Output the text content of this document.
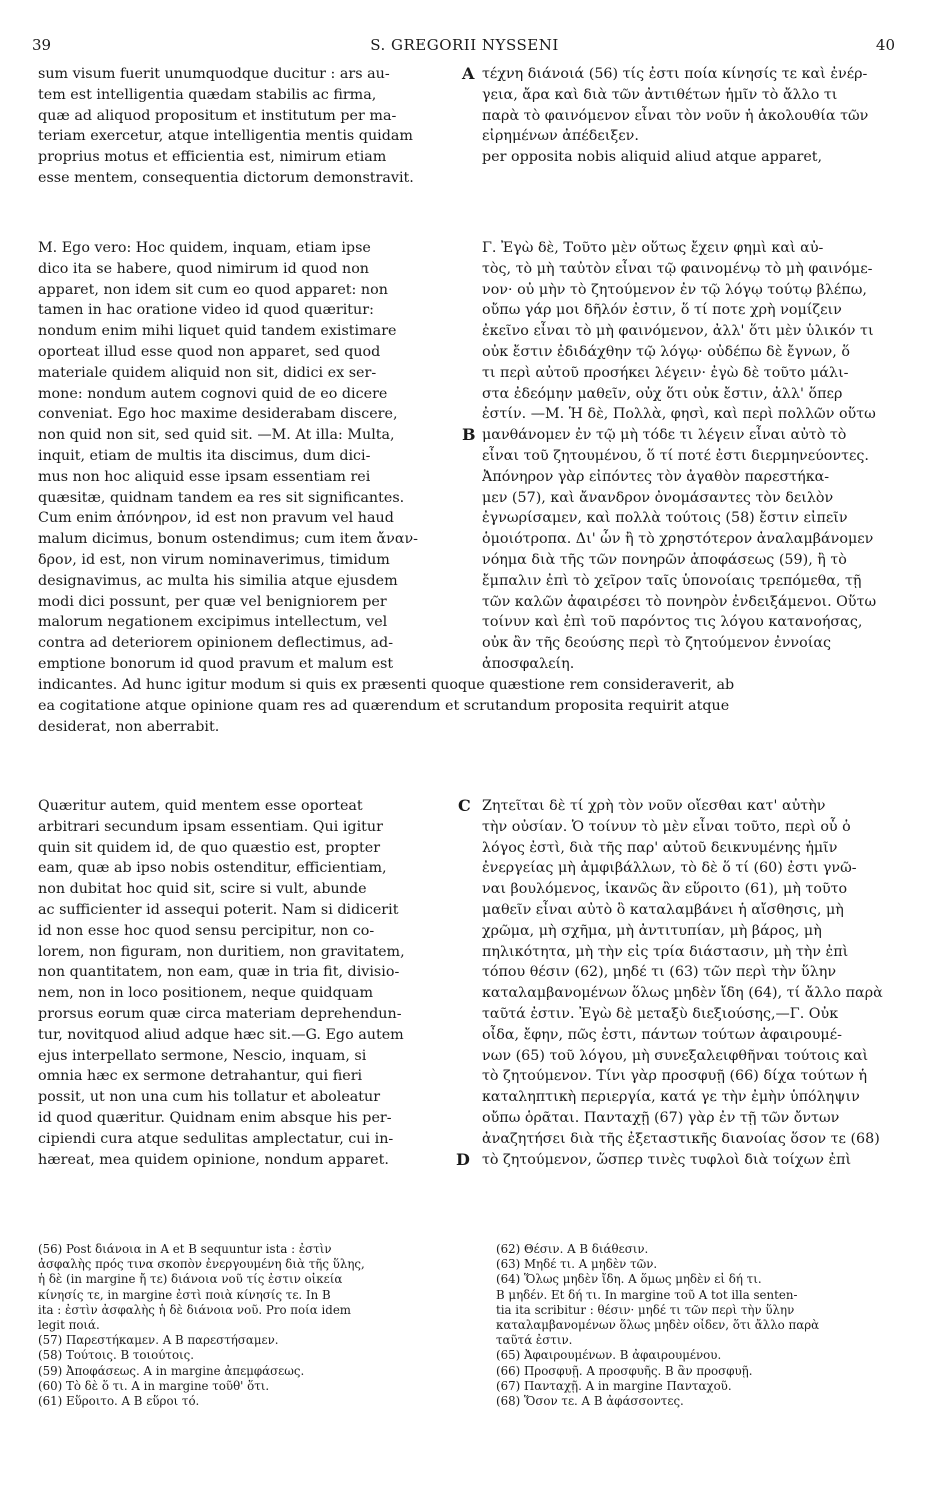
39	S. GREGORII NYSSENI	40
sum visum fuerit unumquodque ducitur : ars au-
tem est intelligentia quædam stabilis ac firma,
quæ ad aliquod propositum et institutum per ma-
teriam exercetur, atque intelligentia mentis quidam
proprius motus et efficientia est, nimirum etiam
esse mentem, consequentia dictorum demonstravit.
τέχνη διάνοιά (56) τίς ἐστι ποία κίνησίς τε καὶ ἐνέρ-
γεια, ἄρα καὶ διὰ τῶν ἀντιθέτων ἡμῖν τὸ ἄλλο τι
παρὰ τὸ φαινόμενον εἶναι τὸν νοῦν ἡ ἀκολουθία τῶν
εἰρημένων ἀπέδειξεν.
per opposita nobis aliquid aliud atque apparet,
M. Ego vero: Hoc quidem, inquam, etiam ipse
dico ita se habere, quod nimirum id quod non
apparet, non idem sit cum eo quod apparet: non
tamen in hac oratione video id quod quæritur:
nondum enim mihi liquet quid tandem existimare
oporteat illud esse quod non apparet, sed quod
materiale quidem aliquid non sit, didici ex ser-
mone: nondum autem cognovi quid de eo dicere
conveniat. Ego hoc maxime desiderabam discere,
non quid non sit, sed quid sit. —M. At illa: Multa,
inquit, etiam de multis ita discimus, dum dici-
mus non hoc aliquid esse ipsam essentiam rei
quæsitæ, quidnam tandem ea res sit significantes.
Cum enim ἀπόνηρον, id est non pravum vel haud
malum dicimus, bonum ostendimus; cum item ἄναν-
δρον, id est, non virum nominaverimus, timidum
designavimus, ac multa his similia atque ejusdem
modi dici possunt, per quæ vel benigniorem per
malorum negationem excipimus intellectum, vel
contra ad deteriorem opinionem deflectimus, ad-
emptione bonorum id quod pravum et malum est
Γ. Ἐγὼ δὲ, Τοῦτο μὲν οὕτως ἔχειν φημὶ καὶ αὐ-
τὸς, τὸ μὴ ταὐτὸν εἶναι τῷ φαινομένῳ τὸ μὴ φαινόμε-
νον· οὐ μὴν τὸ ζητούμενον ἐν τῷ λόγῳ τούτῳ βλέπω,
οὔπω γάρ μοι δῆλόν ἐστιν, ὅ τί ποτε χρὴ νομίζειν
ἐκεῖνο εἶναι τὸ μὴ φαινόμενον, ἀλλ' ὅτι μὲν ὑλικόν τι
οὐκ ἔστιν ἐδιδάχθην τῷ λόγῳ· οὐδέπω δὲ ἔγνων, ὅ
τι περὶ αὐτοῦ προσήκει λέγειν· ἐγὼ δὲ τοῦτο μάλι-
στα ἐδεόμην μαθεῖν, οὐχ ὅτι οὐκ ἔστιν, ἀλλ' ὅπερ
ἐστίν. —Μ. Ἡ δὲ, Πολλὰ, φησὶ, καὶ περὶ πολλῶν οὕτω
μανθάνομεν ἐν τῷ μὴ τόδε τι λέγειν εἶναι αὐτὸ τὸ
εἶναι τοῦ ζητουμένου, ὅ τί ποτέ ἐστι διερμηνεύοντες.
Ἀπόνηρον γὰρ εἰπόντες τὸν ἀγαθὸν παρεστήκα-
μεν (57), καὶ ἄνανδρον ὀνομάσαντες τὸν δειλὸν
ἐγνωρίσαμεν, καὶ πολλὰ τούτοις (58) ἔστιν εἰπεῖν
ὁμοιότροπα. Δι' ὧν ἢ τὸ χρηστότερον ἀναλαμβάνομεν
νόημα διὰ τῆς τῶν πονηρῶν ἀποφάσεως (59), ἢ τὸ
ἔμπαλιν ἐπὶ τὸ χεῖρον ταῖς ὑπονοίαις τρεπόμεθα, τῇ
τῶν καλῶν ἀφαιρέσει τὸ πονηρὸν ἐνδειξάμενοι. Οὕτω
τοίνυν καὶ ἐπὶ τοῦ παρόντος τις λόγου κατανοήσας,
οὐκ ἂν τῆς δεούσης περὶ τὸ ζητούμενον ἐννοίας
ἀποσφαλείη.
indicantes. Ad hunc igitur modum si quis ex præsenti quoque quæstione rem consideraverit, ab
ea cogitatione atque opinione quam res ad quærendum et scrutandum proposita requirit atque
desiderat, non aberrabit.
Quæritur autem, quid mentem esse oporteat
arbitrari secundum ipsam essentiam. Qui igitur
quin sit quidem id, de quo quæstio est, propter
eam, quæ ab ipso nobis ostenditur, efficientiam,
non dubitat hoc quid sit, scire si vult, abunde
ac sufficienter id assequi poterit. Nam si didicerit
id non esse hoc quod sensu percipitur, non co-
lorem, non figuram, non duritiem, non gravitatem,
non quantitatem, non eam, quæ in tria fit, divisio-
nem, non in loco positionem, neque quidquam
prorsus eorum quæ circa materiam deprehendun-
tur, novitquod aliud adque hæc sit.—G. Ego autem
ejus interpellato sermone, Nescio, inquam, si
omnia hæc ex sermone detrahantur, qui fieri
possit, ut non una cum his tollatur et aboleatur
id quod quæritur. Quidnam enim absque his per-
cipiendi cura atque sedulitas amplectatur, cui in-
hæreat, mea quidem opinione, nondum apparet.
Ζητεῖται δὲ τί χρὴ τὸν νοῦν οἴεσθαι κατ' αὐτὴν
τὴν οὐσίαν. Ὁ τοίνυν τὸ μὲν εἶναι τοῦτο, περὶ οὗ ὁ
λόγος ἐστὶ, διὰ τῆς παρ' αὐτοῦ δεικνυμένης ἡμῖν
ἐνεργείας μὴ ἀμφιβάλλων, τὸ δὲ ὅ τί (60) ἐστι γνῶ-
ναι βουλόμενος, ἱκανῶς ἂν εὕροιτο (61), μὴ τοῦτο
μαθεῖν εἶναι αὐτὸ ὃ καταλαμβάνει ἡ αἴσθησις, μὴ
χρῶμα, μὴ σχῆμα, μὴ ἀντιτυπίαν, μὴ βάρος, μὴ
πηλικότητα, μὴ τὴν εἰς τρία διάστασιν, μὴ τὴν ἐπὶ
τόπου θέσιν (62), μηδέ τι (63) τῶν περὶ τὴν ὕλην
καταλαμβανομένων ὅλως μηδὲν ἴδη (64), τί ἄλλο παρὰ
ταῦτά ἐστιν. Ἐγὼ δὲ μεταξὺ διεξιούσης,—Γ. Οὐκ
οἶδα, ἔφην, πῶς ἐστι, πάντων τούτων ἀφαιρουμέ-
νων (65) τοῦ λόγου, μὴ συνεξαλειφθῆναι τούτοις καὶ
τὸ ζητούμενον. Τίνι γὰρ προσφυῇ (66) δίχα τούτων ἡ
καταληπτικὴ περιεργία, κατά γε τὴν ἐμὴν ὑπόληψιν
οὔπω ὁρᾶται. Πανταχῇ (67) γὰρ ἐν τῇ τῶν ὄντων
ἀναζητήσει διὰ τῆς ἐξεταστικῆς διανοίας ὅσον τε (68)
τὸ ζητούμενον, ὥσπερ τινὲς τυφλοὶ διὰ τοίχων ἐπὶ
A
B
C
D
(56) Post διάνοια in A et B sequuntur ista : ἐστὶν
ἀσφαλὴς πρός τινα σκοπὸν ἐνεργουμένη διὰ τῆς ὕλης,
ἡ δὲ (in margine ἤ τε) διάνοια νοῦ τίς ἐστιν οἰκεία
κίνησίς τε, in margine ἐστὶ ποιὰ κίνησίς τε. In B
ita : ἐστὶν ἀσφαλὴς ἡ δὲ διάνοια νοῦ. Pro ποία idem
legit ποιά.
(57) Παρεστήκαμεν. A B παρεστήσαμεν.
(58) Τούτοις. B τοιούτοις.
(59) Ἀποφάσεως. A in margine ἀπεμφάσεως.
(60) Τὸ δὲ ὅ τι. A in margine τοῦθ' ὅτι.
(61) Εὕροιτο. A B εὕροι τό.
(62) Θέσιν. A B διάθεσιν.
(63) Μηδέ τι. A μηδὲν τῶν.
(64) Ὅλως μηδὲν ἴδη. A ὅμως μηδὲν εἰ δή τι.
B μηδέν. Et δή τι. In margine τοῦ A tot illa senten-
tia ita scribitur : θέσιν· μηδέ τι τῶν περὶ τὴν ὕλην
καταλαμβανομένων ὅλως μηδὲν οἶδεν, ὅτι ἄλλο παρὰ
ταῦτά ἐστιν.
(65) Ἀφαιρουμένων. B ἀφαιρουμένου.
(66) Προσφυῇ. A προσφυῆς. B ἂν προσφυῇ.
(67) Πανταχῇ. A in margine Πανταχοῦ.
(68) Ὅσον τε. A B ἀφάσσοντες.
